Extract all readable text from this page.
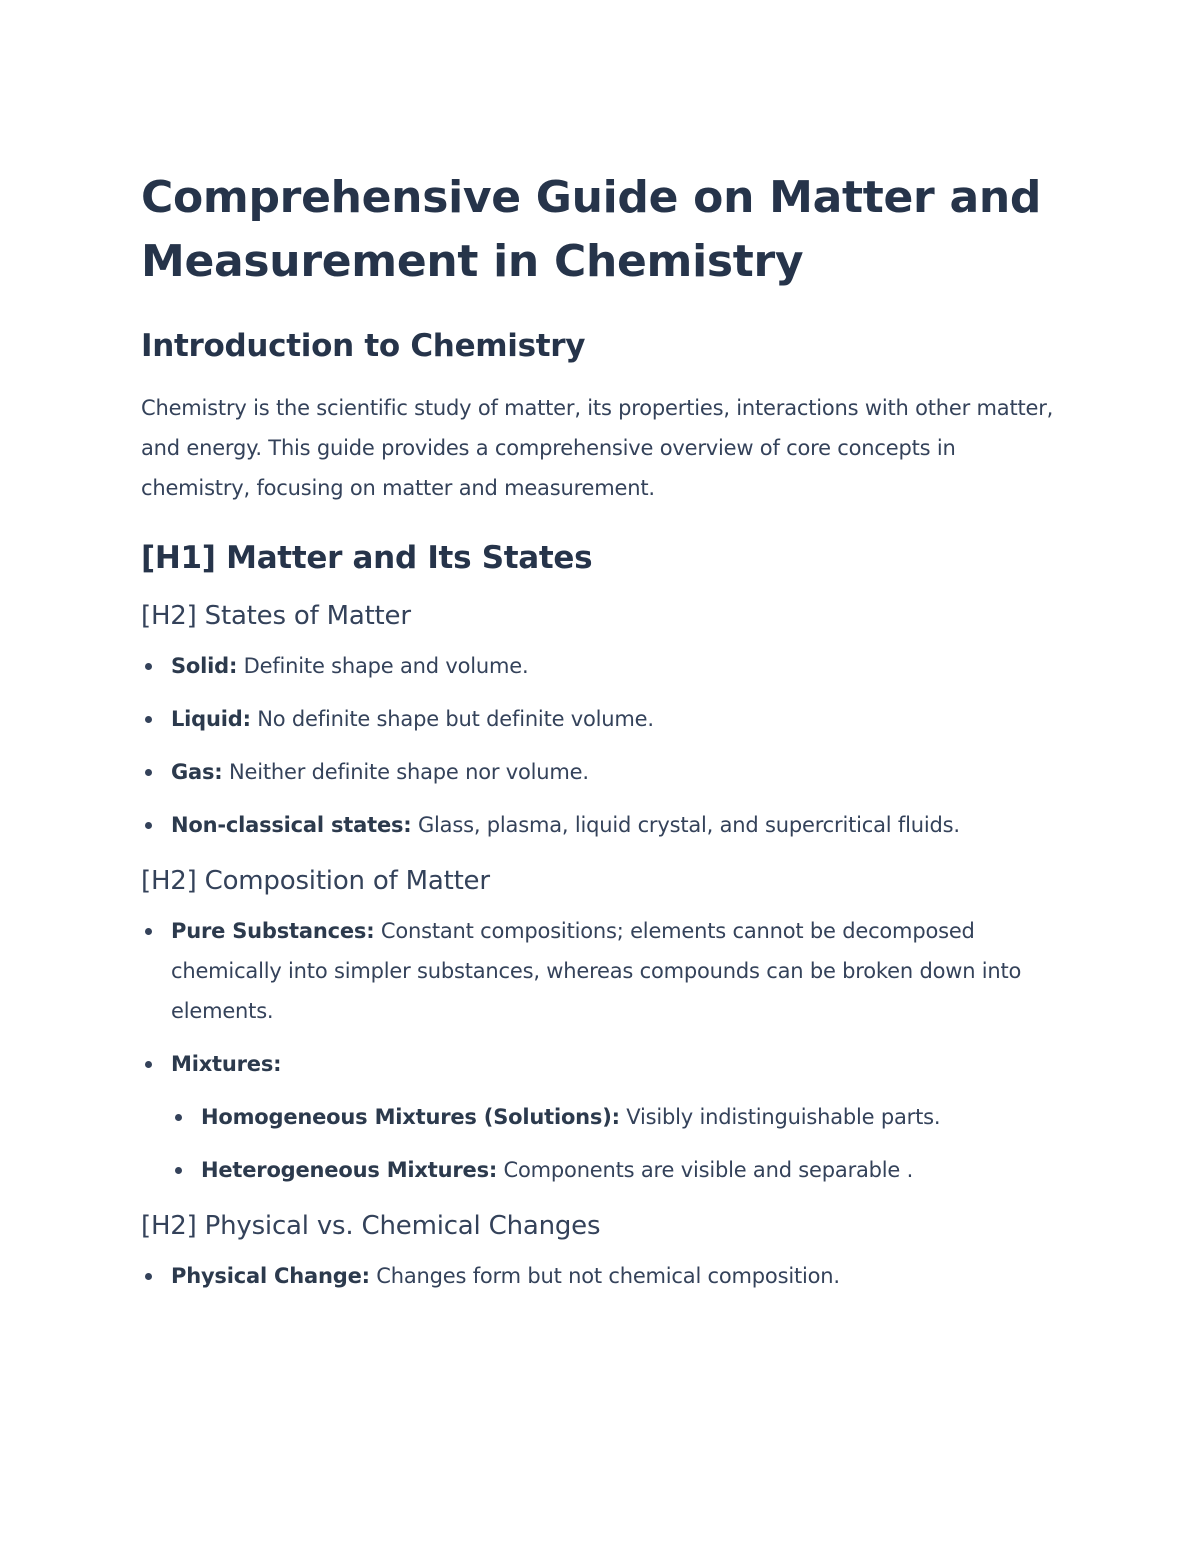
Comprehensive Guide on Matter and Measurement in Chemistry
Introduction to Chemistry

Chemistry is the scientific study of matter, its properties, interactions with other matter, and energy. This guide provides a comprehensive overview of core concepts in chemistry, focusing on matter and measurement.

[H1] Matter and Its States
[H2] States of Matter
Solid: Definite shape and volume.
Liquid: No definite shape but definite volume.
Gas: Neither definite shape nor volume.
Non-classical states: Glass, plasma, liquid crystal, and supercritical fluids.
[H2] Composition of Matter
Pure Substances: Constant compositions; elements cannot be decomposed chemically into simpler substances, whereas compounds can be broken down into elements.
Mixtures:
Homogeneous Mixtures (Solutions): Visibly indistinguishable parts.
Heterogeneous Mixtures: Components are visible and separable .
[H2] Physical vs. Chemical Changes
Physical Change: Changes form but not chemical composition.
